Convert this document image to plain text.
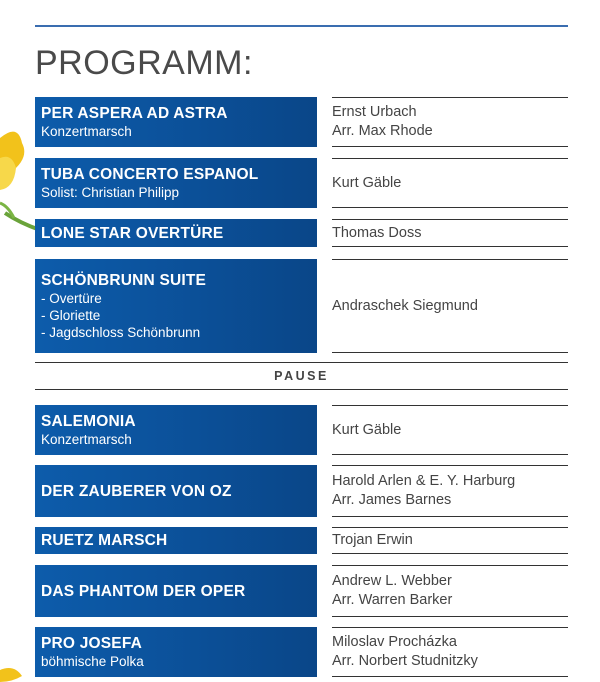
PROGRAMM:
PER ASPERA AD ASTRA
Konzertmarsch
Ernst Urbach
Arr. Max Rhode
TUBA CONCERTO ESPANOL
Solist: Christian Philipp
Kurt Gäble
LONE STAR OVERTÜRE	Thomas Doss
SCHÖNBRUNN SUITE
- Overtüre
- Gloriette
- Jagdschloss Schönbrunn
Andraschek Siegmund
PAUSE
SALEMONIA
Konzertmarsch
Kurt Gäble
DER ZAUBERER VON OZ
Harold Arlen & E. Y. Harburg
Arr. James Barnes
RUETZ MARSCH	Trojan Erwin
DAS PHANTOM DER OPER
Andrew L. Webber
Arr. Warren Barker
PRO JOSEFA
böhmische Polka
Miloslav Procházka
Arr. Norbert Studnitzky
